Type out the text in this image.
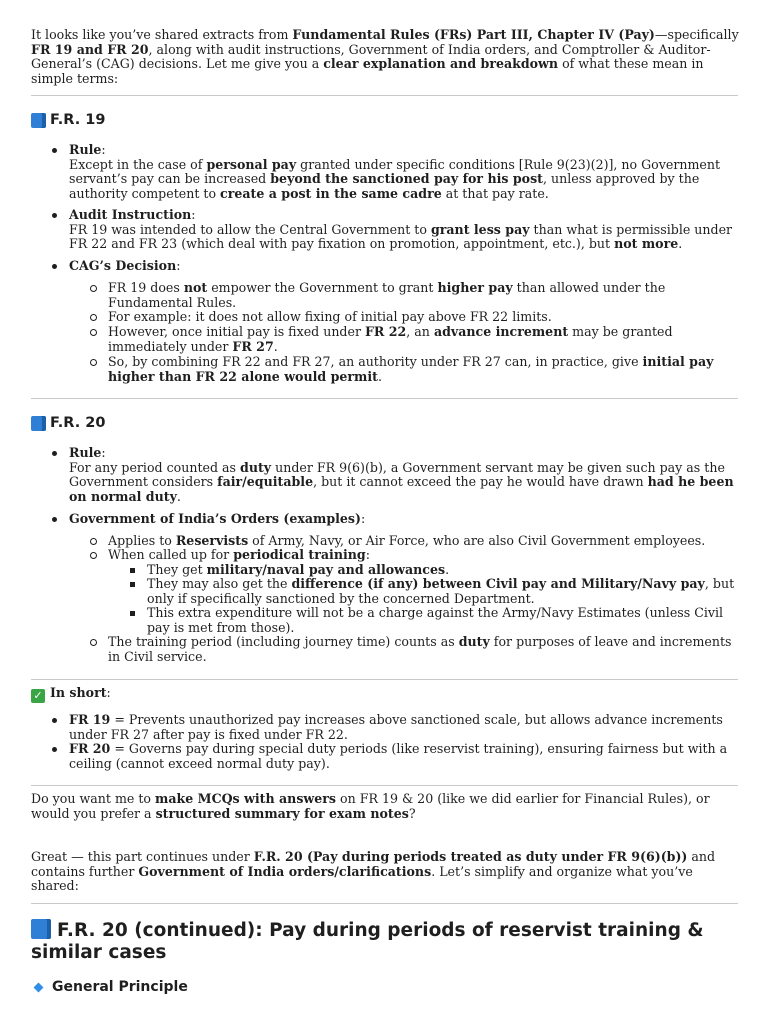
It looks like you’ve shared extracts from Fundamental Rules (FRs) Part III, Chapter IV (Pay)—specifically FR 19 and FR 20, along with audit instructions, Government of India orders, and Comptroller & Auditor-General’s (CAG) decisions. Let me give you a clear explanation and breakdown of what these mean in simple terms:

F.R. 19

Rule:

Except in the case of personal pay granted under specific conditions [Rule 9(23)(2)], no Government servant’s pay can be increased beyond the sanctioned pay for his post, unless approved by the authority competent to create a post in the same cadre at that pay rate.

Audit Instruction:

FR 19 was intended to allow the Central Government to grant less pay than what is permissible under FR 22 and FR 23 (which deal with pay fixation on promotion, appointment, etc.), but not more.

CAG’s Decision:

FR 19 does not empower the Government to grant higher pay than allowed under the Fundamental Rules.

For example: it does not allow fixing of initial pay above FR 22 limits.

However, once initial pay is fixed under FR 22, an advance increment may be granted immediately under FR 27.

So, by combining FR 22 and FR 27, an authority under FR 27 can, in practice, give initial pay higher than FR 22 alone would permit.

F.R. 20

Rule:

For any period counted as duty under FR 9(6)(b), a Government servant may be given such pay as the Government considers fair/equitable, but it cannot exceed the pay he would have drawn had he been on normal duty.

Government of India’s Orders (examples):

Applies to Reservists of Army, Navy, or Air Force, who are also Civil Government employees.

When called up for periodical training:

They get military/naval pay and allowances.

They may also get the difference (if any) between Civil pay and Military/Navy pay, but only if specifically sanctioned by the concerned Department.

This extra expenditure will not be a charge against the Army/Navy Estimates (unless Civil pay is met from those).

The training period (including journey time) counts as duty for purposes of leave and increments in Civil service.

✓ In short:

FR 19 = Prevents unauthorized pay increases above sanctioned scale, but allows advance increments under FR 27 after pay is fixed under FR 22.

FR 20 = Governs pay during special duty periods (like reservist training), ensuring fairness but with a ceiling (cannot exceed normal duty pay).

Do you want me to make MCQs with answers on FR 19 & 20 (like we did earlier for Financial Rules), or would you prefer a structured summary for exam notes?

Great — this part continues under F.R. 20 (Pay during periods treated as duty under FR 9(6)(b)) and contains further Government of India orders/clarifications. Let’s simplify and organize what you’ve shared:

F.R. 20 (continued): Pay during periods of reservist training & similar cases
General Principle
